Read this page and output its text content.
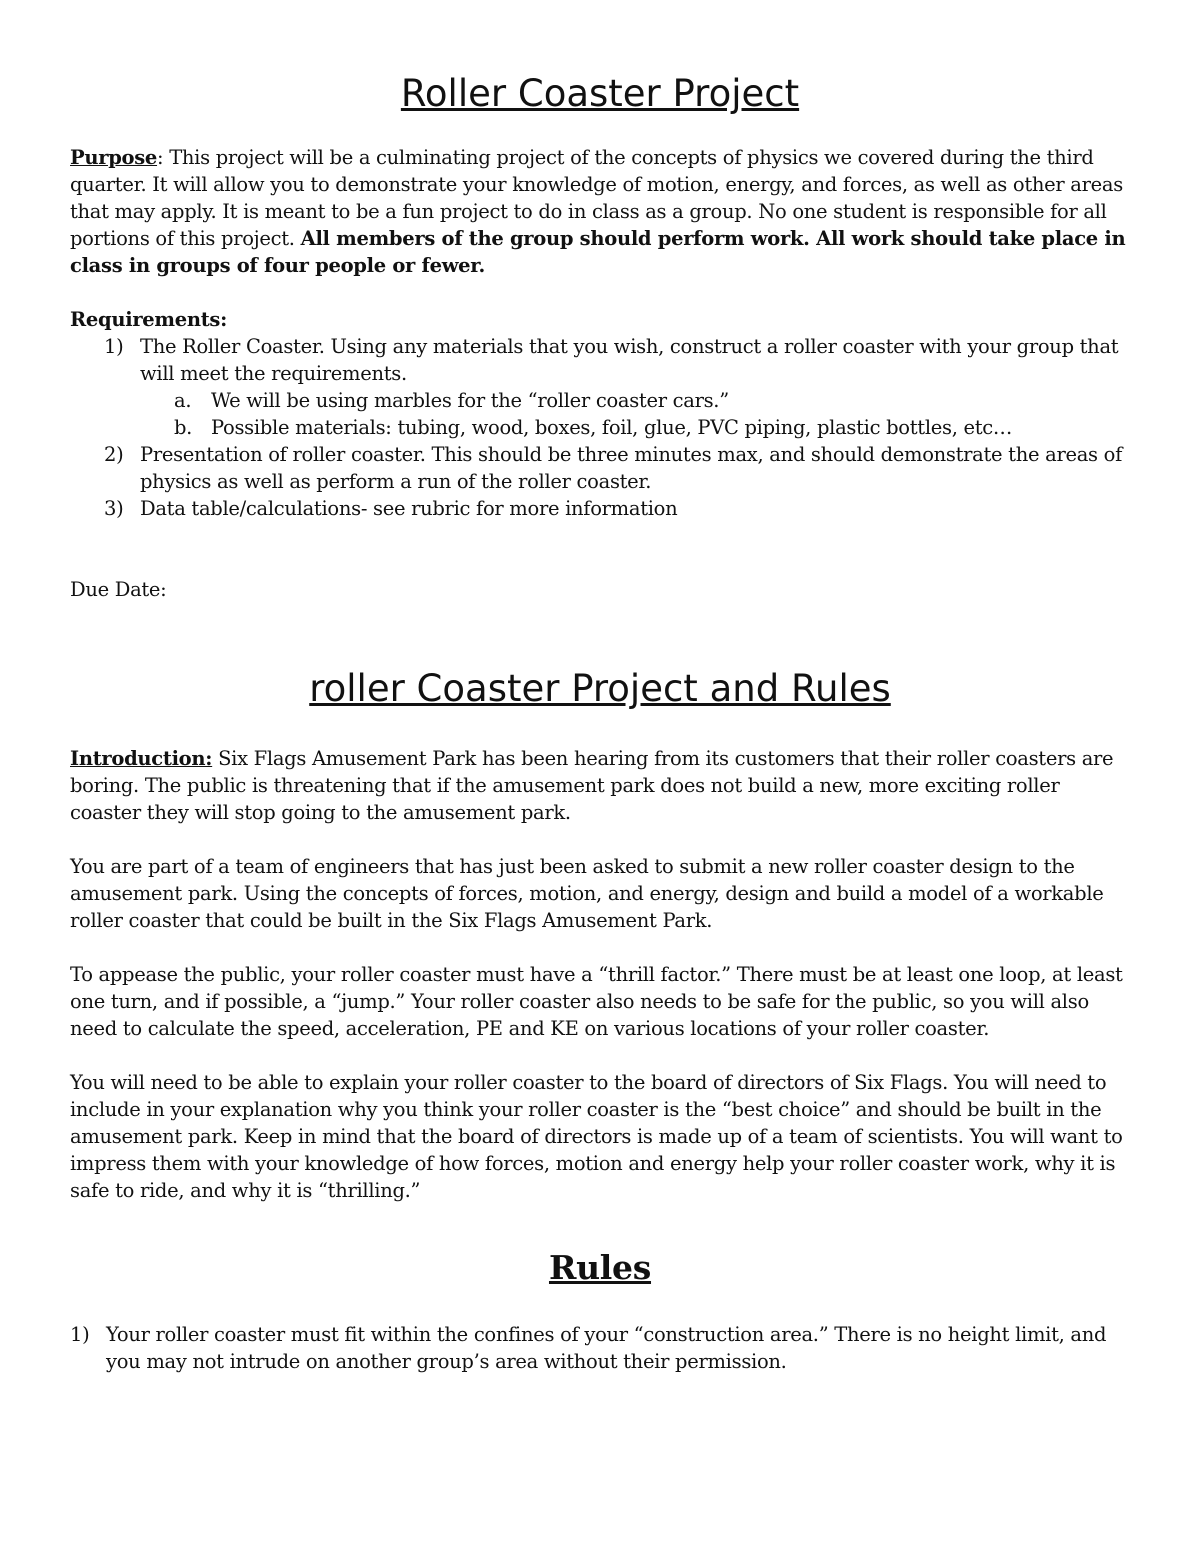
Roller Coaster Project

Purpose: This project will be a culminating project of the concepts of physics we covered during the third quarter. It will allow you to demonstrate your knowledge of motion, energy, and forces, as well as other areas that may apply. It is meant to be a fun project to do in class as a group. No one student is responsible for all portions of this project. All members of the group should perform work. All work should take place in class in groups of four people or fewer.

Requirements:

1) The Roller Coaster. Using any materials that you wish, construct a roller coaster with your group that will meet the requirements.
a. We will be using marbles for the “roller coaster cars.”
b. Possible materials: tubing, wood, boxes, foil, glue, PVC piping, plastic bottles, etc…
2) Presentation of roller coaster. This should be three minutes max, and should demonstrate the areas of physics as well as perform a run of the roller coaster.
3) Data table/calculations- see rubric for more information

Due Date:

roller Coaster Project and Rules

Introduction: Six Flags Amusement Park has been hearing from its customers that their roller coasters are boring. The public is threatening that if the amusement park does not build a new, more exciting roller coaster they will stop going to the amusement park.

You are part of a team of engineers that has just been asked to submit a new roller coaster design to the amusement park. Using the concepts of forces, motion, and energy, design and build a model of a workable roller coaster that could be built in the Six Flags Amusement Park.

To appease the public, your roller coaster must have a “thrill factor.” There must be at least one loop, at least one turn, and if possible, a “jump.” Your roller coaster also needs to be safe for the public, so you will also need to calculate the speed, acceleration, PE and KE on various locations of your roller coaster.

You will need to be able to explain your roller coaster to the board of directors of Six Flags. You will need to include in your explanation why you think your roller coaster is the “best choice” and should be built in the amusement park. Keep in mind that the board of directors is made up of a team of scientists. You will want to impress them with your knowledge of how forces, motion and energy help your roller coaster work, why it is safe to ride, and why it is “thrilling.”

Rules
1) Your roller coaster must fit within the confines of your “construction area.” There is no height limit, and you may not intrude on another group’s area without their permission.
